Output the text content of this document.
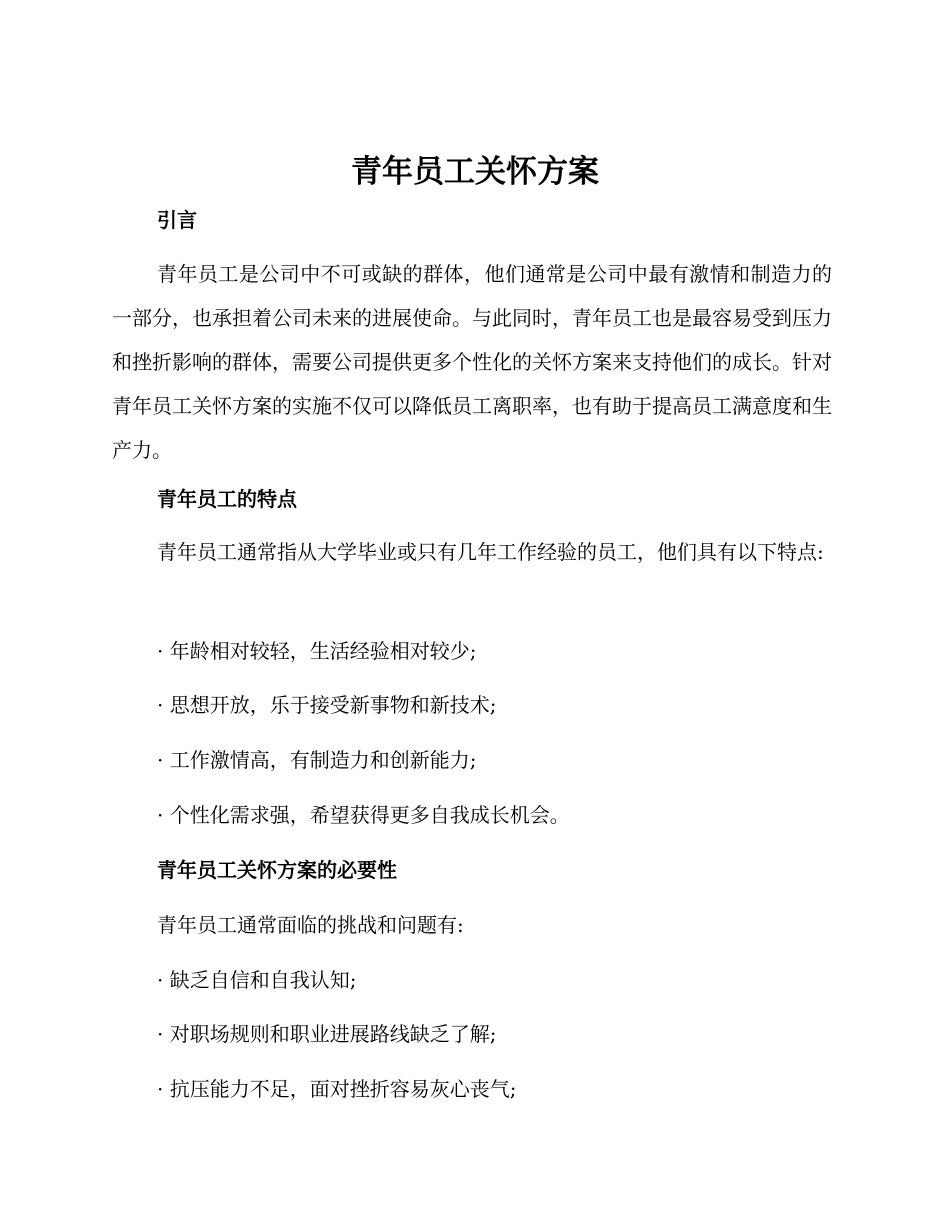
青年员工关怀方案
引言

青年员工是公司中不可或缺的群体，他们通常是公司中最有激情和制造力的一部分，也承担着公司未来的进展使命。与此同时，青年员工也是最容易受到压力和挫折影响的群体，需要公司提供更多个性化的关怀方案来支持他们的成长。针对青年员工关怀方案的实施不仅可以降低员工离职率，也有助于提高员工满意度和生产力。

青年员工的特点

青年员工通常指从大学毕业或只有几年工作经验的员工，他们具有以下特点:

· 年龄相对较轻，生活经验相对较少;

· 思想开放，乐于接受新事物和新技术;

· 工作激情高，有制造力和创新能力;

· 个性化需求强，希望获得更多自我成长机会。

青年员工关怀方案的必要性

青年员工通常面临的挑战和问题有:

· 缺乏自信和自我认知;

· 对职场规则和职业进展路线缺乏了解;

· 抗压能力不足，面对挫折容易灰心丧气;
